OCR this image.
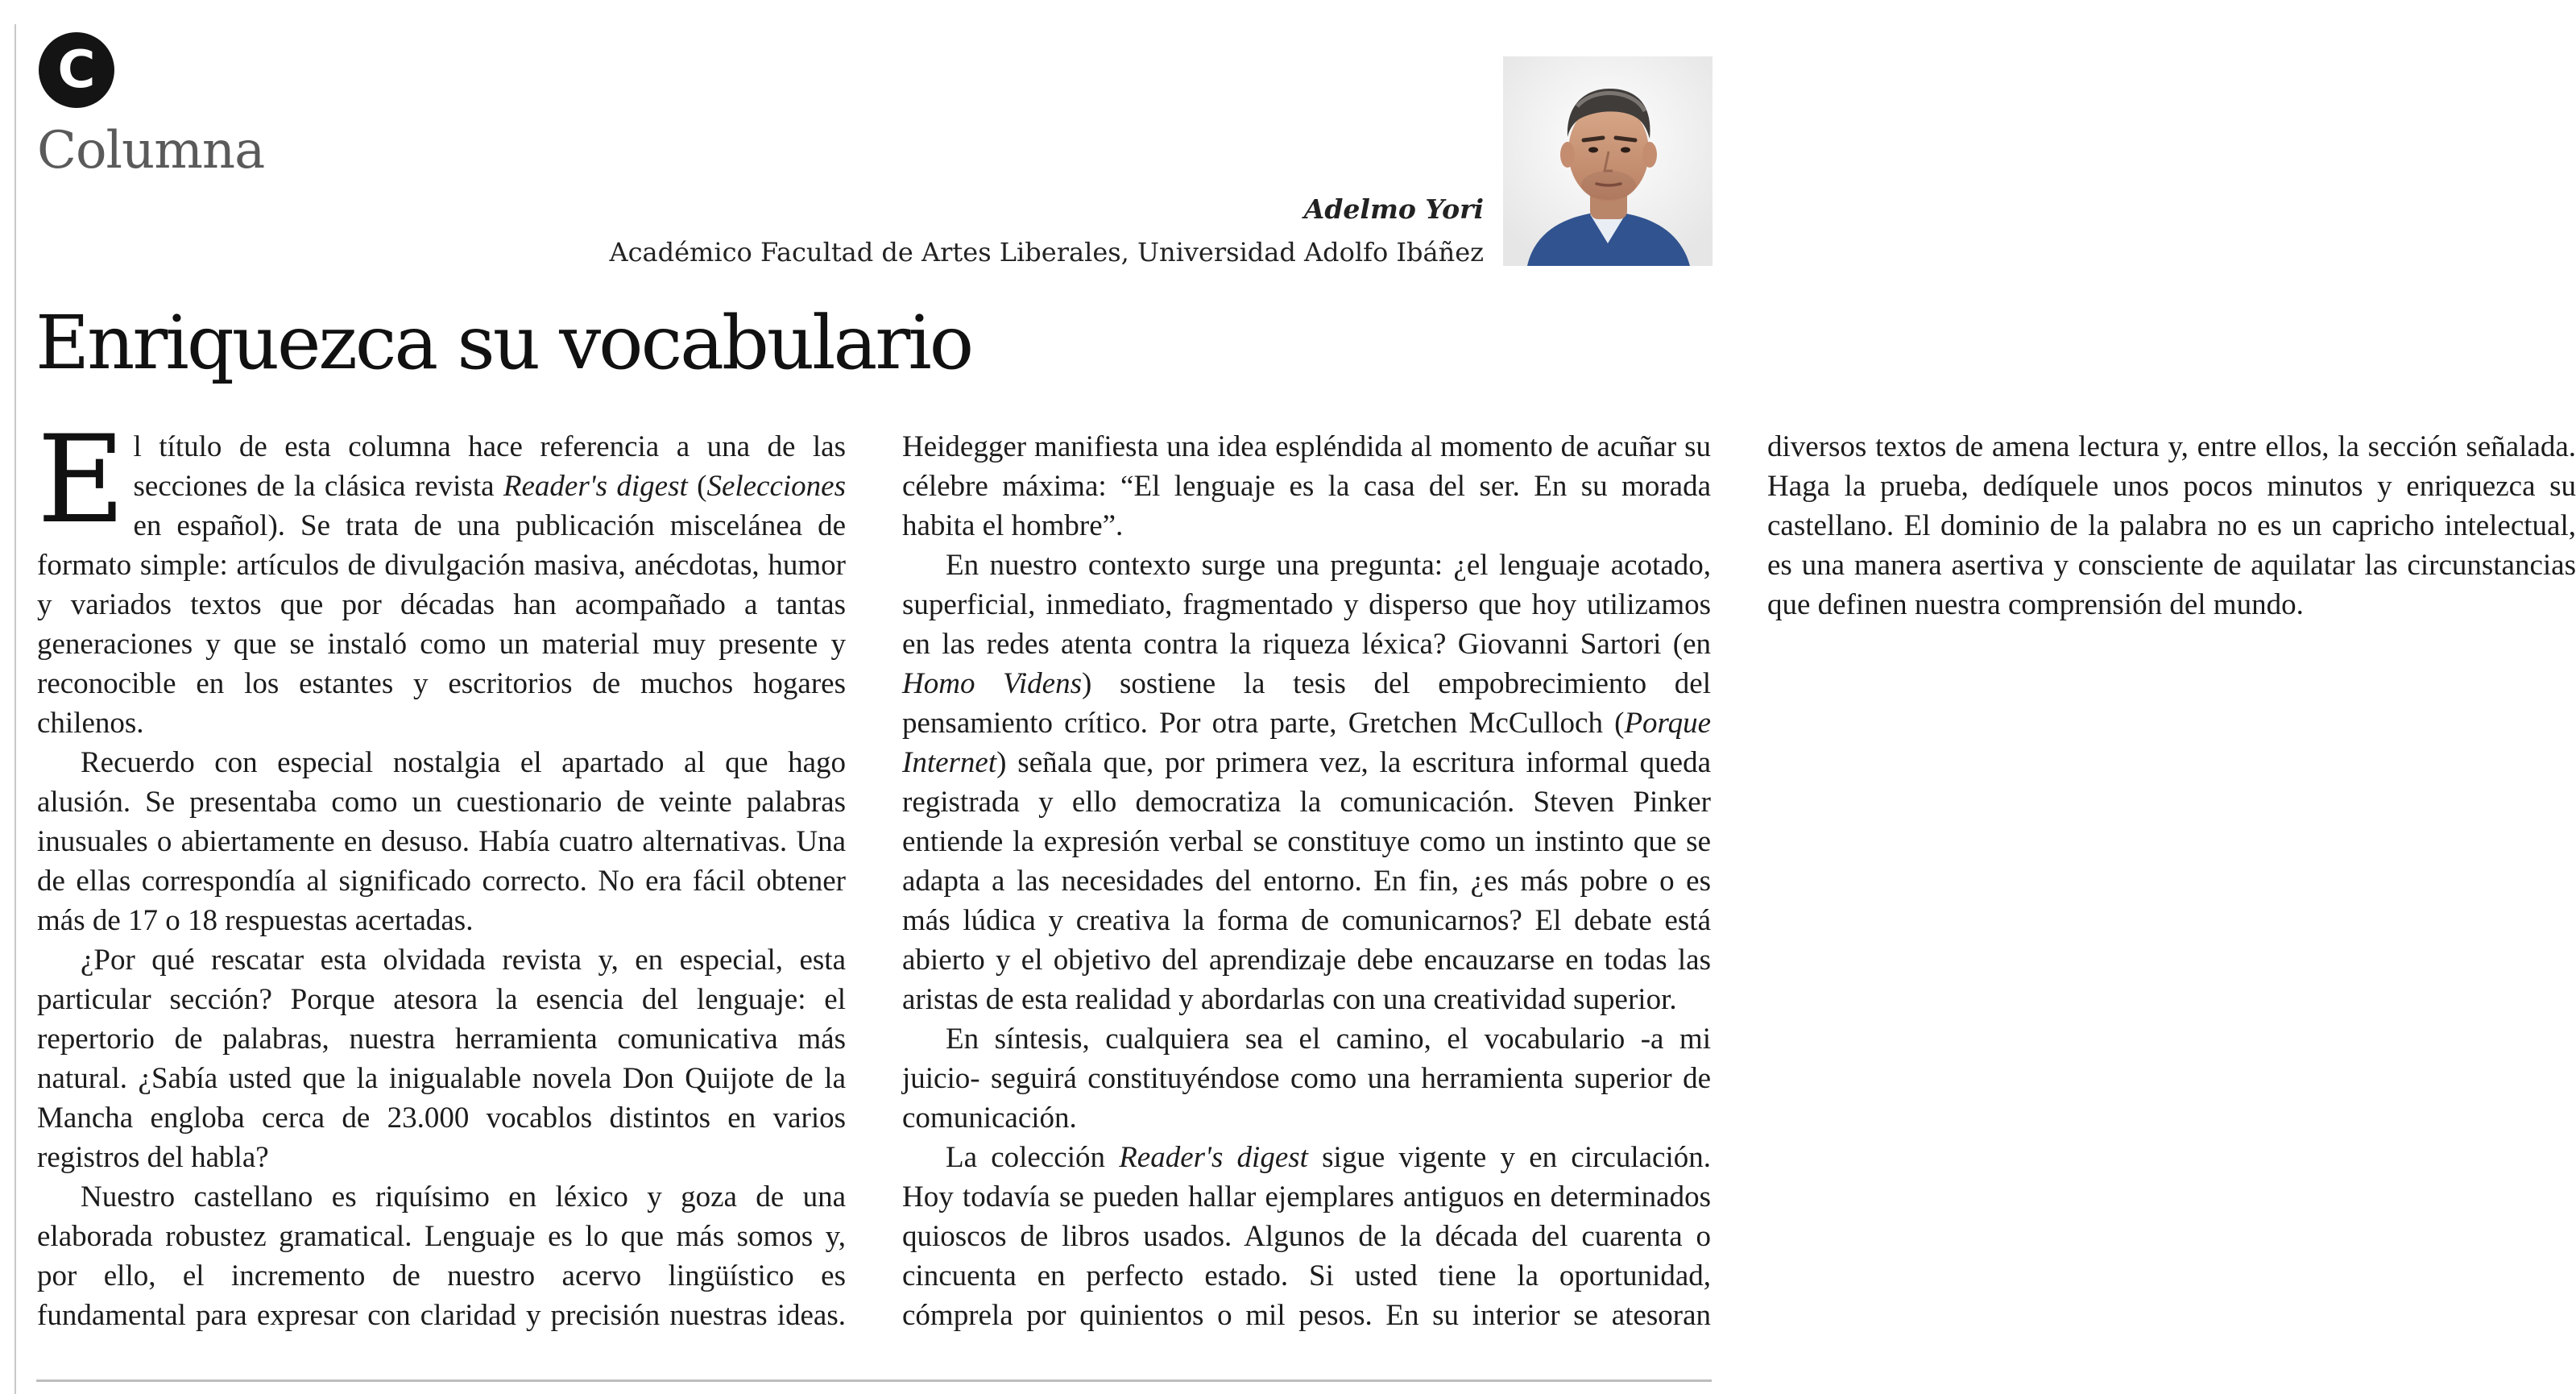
C
Columna
Adelmo Yori
Académico Facultad de Artes Liberales, Universidad Adolfo Ibáñez
Enriquezca su vocabulario

El título de esta columna hace referencia a una de las secciones de la clásica revista Reader's digest (Selecciones en español). Se trata de una publicación miscelánea de formato simple: artículos de divulgación masiva, anécdotas, humor y variados textos que por décadas han acompañado a tantas generaciones y que se instaló como un material muy presente y reconocible en los estantes y escritorios de muchos hogares chilenos.

Recuerdo con especial nostalgia el apartado al que hago alusión. Se presentaba como un cuestionario de veinte palabras inusuales o abiertamente en desuso. Había cuatro alternativas. Una de ellas correspondía al significado correcto. No era fácil obtener más de 17 o 18 respuestas acertadas.

¿Por qué rescatar esta olvidada revista y, en especial, esta particular sección? Porque atesora la esencia del lenguaje: el repertorio de palabras, nuestra herramienta comunicativa más natural. ¿Sabía usted que la inigualable novela Don Quijote de la Mancha engloba cerca de 23.000 vocablos distintos en varios registros del habla?

Nuestro castellano es riquísimo en léxico y goza de una elaborada robustez gramatical. Lenguaje es lo que más somos y, por ello, el incremento de nuestro acervo lingüístico es fundamental para expresar con claridad y precisión nuestras ideas. Heidegger manifiesta una idea espléndida al momento de acuñar su célebre máxima: “El lenguaje es la casa del ser. En su morada habita el hombre”.

En nuestro contexto surge una pregunta: ¿el lenguaje acotado, superficial, inmediato, fragmentado y disperso que hoy utilizamos en las redes atenta contra la riqueza léxica? Giovanni Sartori (en Homo Videns) sostiene la tesis del empobrecimiento del pensamiento crítico. Por otra parte, Gretchen McCulloch (Porque Internet) señala que, por primera vez, la escritura informal queda registrada y ello democratiza la comunicación. Steven Pinker entiende la expresión verbal se constituye como un instinto que se adapta a las necesidades del entorno. En fin, ¿es más pobre o es más lúdica y creativa la forma de comunicarnos? El debate está abierto y el objetivo del aprendizaje debe encauzarse en todas las aristas de esta realidad y abordarlas con una creatividad superior.

En síntesis, cualquiera sea el camino, el vocabulario -a mi juicio- seguirá constituyéndose como una herramienta superior de comunicación.

La colección Reader's digest sigue vigente y en circulación. Hoy todavía se pueden hallar ejemplares antiguos en determinados quioscos de libros usados. Algunos de la década del cuarenta o cincuenta en perfecto estado. Si usted tiene la oportunidad, cómprela por quinientos o mil pesos. En su interior se atesoran diversos textos de amena lectura y, entre ellos, la sección señalada. Haga la prueba, dedíquele unos pocos minutos y enriquezca su castellano. El dominio de la palabra no es un capricho intelectual, es una manera asertiva y consciente de aquilatar las circunstancias que definen nuestra comprensión del mundo.
